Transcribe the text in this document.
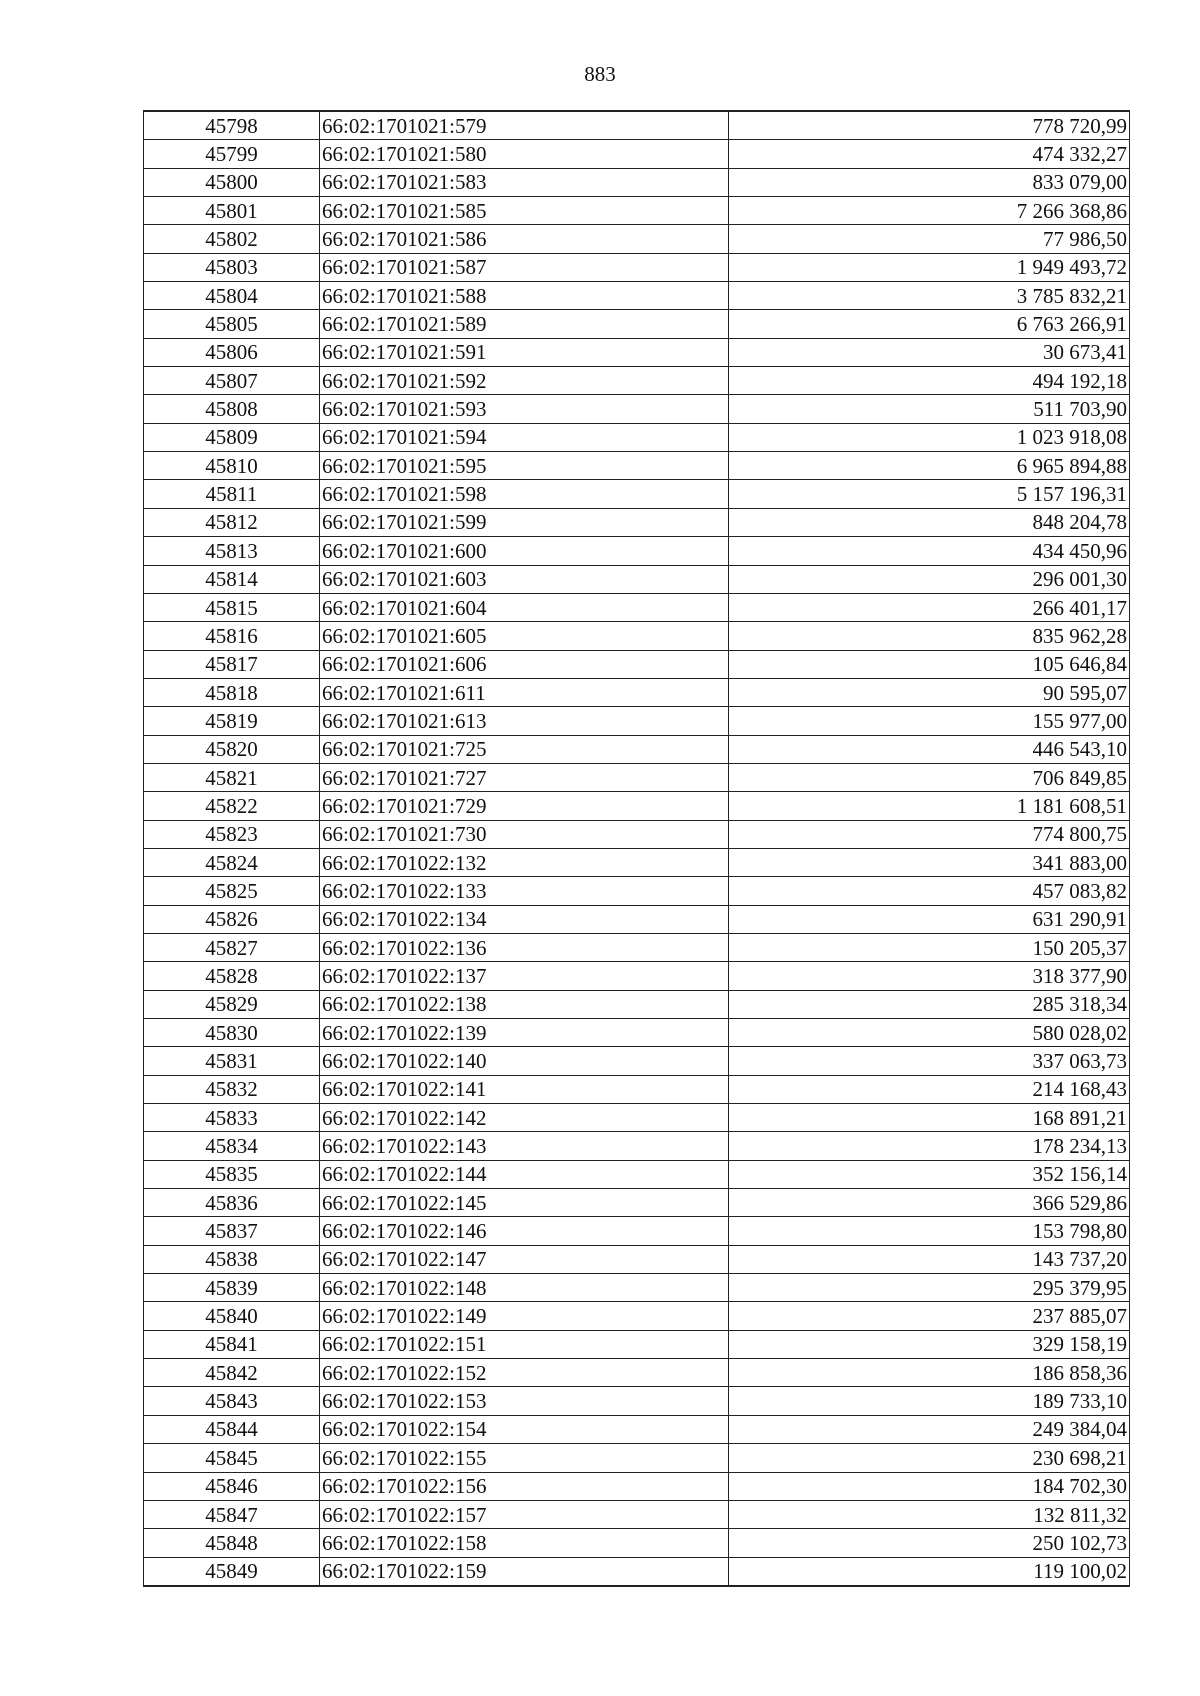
883
45798	66:02:1701021:579	778 720,99
45799	66:02:1701021:580	474 332,27
45800	66:02:1701021:583	833 079,00
45801	66:02:1701021:585	7 266 368,86
45802	66:02:1701021:586	77 986,50
45803	66:02:1701021:587	1 949 493,72
45804	66:02:1701021:588	3 785 832,21
45805	66:02:1701021:589	6 763 266,91
45806	66:02:1701021:591	30 673,41
45807	66:02:1701021:592	494 192,18
45808	66:02:1701021:593	511 703,90
45809	66:02:1701021:594	1 023 918,08
45810	66:02:1701021:595	6 965 894,88
45811	66:02:1701021:598	5 157 196,31
45812	66:02:1701021:599	848 204,78
45813	66:02:1701021:600	434 450,96
45814	66:02:1701021:603	296 001,30
45815	66:02:1701021:604	266 401,17
45816	66:02:1701021:605	835 962,28
45817	66:02:1701021:606	105 646,84
45818	66:02:1701021:611	90 595,07
45819	66:02:1701021:613	155 977,00
45820	66:02:1701021:725	446 543,10
45821	66:02:1701021:727	706 849,85
45822	66:02:1701021:729	1 181 608,51
45823	66:02:1701021:730	774 800,75
45824	66:02:1701022:132	341 883,00
45825	66:02:1701022:133	457 083,82
45826	66:02:1701022:134	631 290,91
45827	66:02:1701022:136	150 205,37
45828	66:02:1701022:137	318 377,90
45829	66:02:1701022:138	285 318,34
45830	66:02:1701022:139	580 028,02
45831	66:02:1701022:140	337 063,73
45832	66:02:1701022:141	214 168,43
45833	66:02:1701022:142	168 891,21
45834	66:02:1701022:143	178 234,13
45835	66:02:1701022:144	352 156,14
45836	66:02:1701022:145	366 529,86
45837	66:02:1701022:146	153 798,80
45838	66:02:1701022:147	143 737,20
45839	66:02:1701022:148	295 379,95
45840	66:02:1701022:149	237 885,07
45841	66:02:1701022:151	329 158,19
45842	66:02:1701022:152	186 858,36
45843	66:02:1701022:153	189 733,10
45844	66:02:1701022:154	249 384,04
45845	66:02:1701022:155	230 698,21
45846	66:02:1701022:156	184 702,30
45847	66:02:1701022:157	132 811,32
45848	66:02:1701022:158	250 102,73
45849	66:02:1701022:159	119 100,02
